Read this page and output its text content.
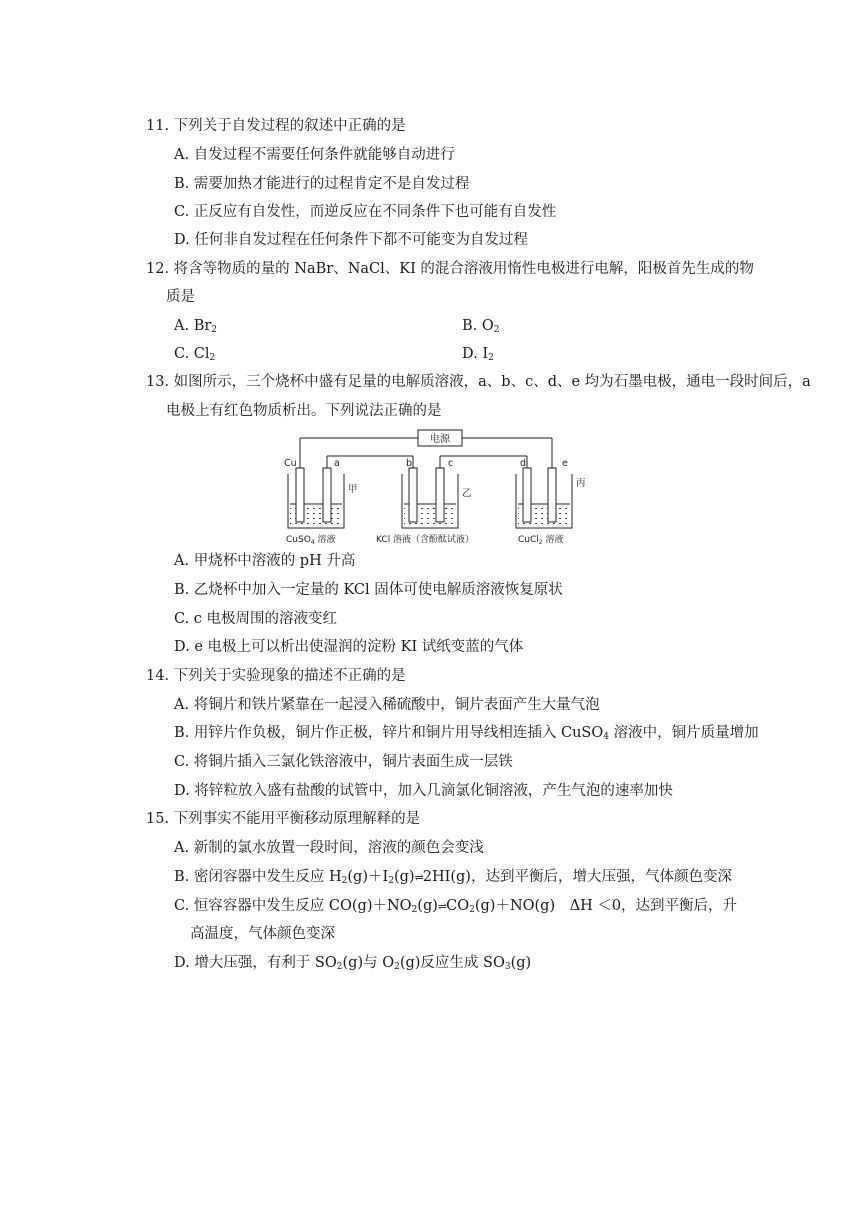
11. 下列关于自发过程的叙述中正确的是
A. 自发过程不需要任何条件就能够自动进行
B. 需要加热才能进行的过程肯定不是自发过程
C. 正反应有自发性，而逆反应在不同条件下也可能有自发性
D. 任何非自发过程在任何条件下都不可能变为自发过程
12. 将含等物质的量的 NaBr、NaCl、KI 的混合溶液用惰性电极进行电解，阳极首先生成的物
质是
A. $Br_2$	B. $O_2$
C. $Cl_2$	D. $I_2$
13. 如图所示，三个烧杯中盛有足量的电解质溶液，a、b、c、d、e 均为石墨电极，通电一段时间后，a
电极上有红色物质析出。下列说法正确的是
电源
Cu	a	b	c	d	e
甲	乙
丙
CuSO$_4$ 溶液	KCl 溶液（含酚酞试液）	CuCl$_2$ 溶液
A. 甲烧杯中溶液的 pH 升高
B. 乙烧杯中加入一定量的 KCl 固体可使电解质溶液恢复原状
C. c 电极周围的溶液变红
D. e 电极上可以析出使湿润的淀粉 KI 试纸变蓝的气体
14. 下列关于实验现象的描述不正确的是
A. 将铜片和铁片紧靠在一起浸入稀硫酸中，铜片表面产生大量气泡
B. 用锌片作负极，铜片作正极，锌片和铜片用导线相连插入 CuSO$_4$ 溶液中，铜片质量增加
C. 将铜片插入三氯化铁溶液中，铜片表面生成一层铁
D. 将锌粒放入盛有盐酸的试管中，加入几滴氯化铜溶液，产生气泡的速率加快
15. 下列事实不能用平衡移动原理解释的是
A. 新制的氯水放置一段时间，溶液的颜色会变浅
B. 密闭容器中发生反应 $H_2(g)+I_2(g)\rightleftharpoons 2HI(g)$，达到平衡后，增大压强，气体颜色变深
C. 恒容容器中发生反应 $CO(g)+NO_2(g)\rightleftharpoons CO_2(g)+NO(g)$　ΔH ＜0，达到平衡后，升
高温度，气体颜色变深
D. 增大压强，有利于 $SO_2(g)$与 $O_2(g)$反应生成 $SO_3(g)$
